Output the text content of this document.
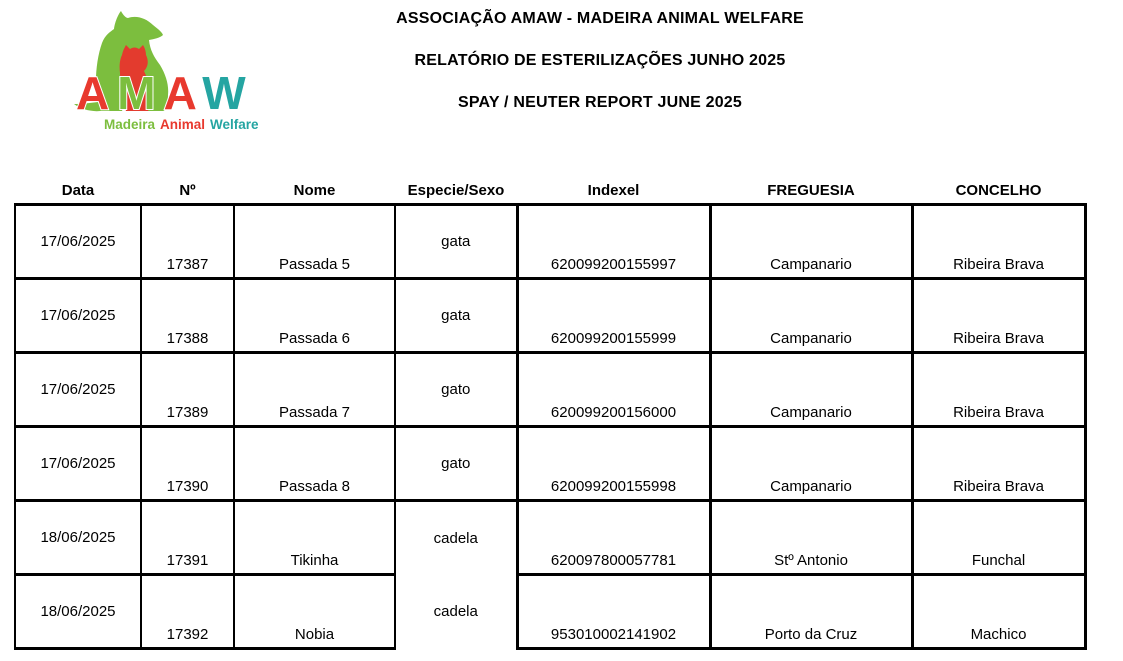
AMAW
Madeira Animal Welfare
ASSOCIAÇÃO AMAW - MADEIRA ANIMAL WELFARE
RELATÓRIO DE ESTERILIZAÇÕES JUNHO 2025
SPAY / NEUTER REPORT JUNE 2025
Data	Nº	Nome	Especie/Sexo	Indexel	FREGUESIA	CONCELHO
17/06/2025	17387	Passada 5	gata	620099200155997	Campanario	Ribeira Brava
17/06/2025	17388	Passada 6	gata	620099200155999	Campanario	Ribeira Brava
17/06/2025	17389	Passada 7	gato	620099200156000	Campanario	Ribeira Brava
17/06/2025	17390	Passada 8	gato	620099200155998	Campanario	Ribeira Brava
18/06/2025	17391	Tikinha	cadela	620097800057781	Stº Antonio	Funchal
18/06/2025	17392	Nobia	cadela	953010002141902	Porto da Cruz	Machico
